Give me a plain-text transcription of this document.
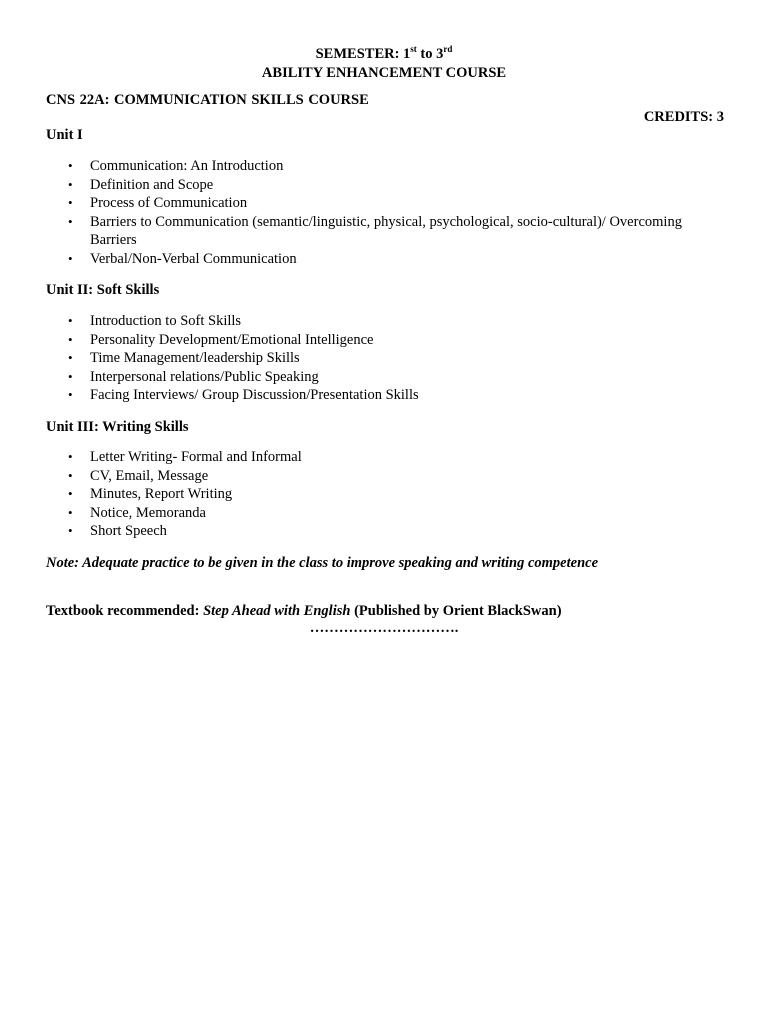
SEMESTER: 1st to 3rd
ABILITY ENHANCEMENT COURSE
CNS 22A: COMMUNICATION SKILLS COURSE
CREDITS: 3
Unit I
• Communication: An Introduction
• Definition and Scope
• Process of Communication
• Barriers to Communication (semantic/linguistic, physical, psychological, socio-cultural)/ Overcoming Barriers
• Verbal/Non-Verbal Communication
Unit II: Soft Skills
• Introduction to Soft Skills
• Personality Development/Emotional Intelligence
• Time Management/leadership Skills
• Interpersonal relations/Public Speaking
• Facing Interviews/ Group Discussion/Presentation Skills
Unit III: Writing Skills
• Letter Writing- Formal and Informal
• CV, Email, Message
• Minutes, Report Writing
• Notice, Memoranda
• Short Speech
Note: Adequate practice to be given in the class to improve speaking and writing competence
Textbook recommended: Step Ahead with English (Published by Orient BlackSwan)
………………………….
